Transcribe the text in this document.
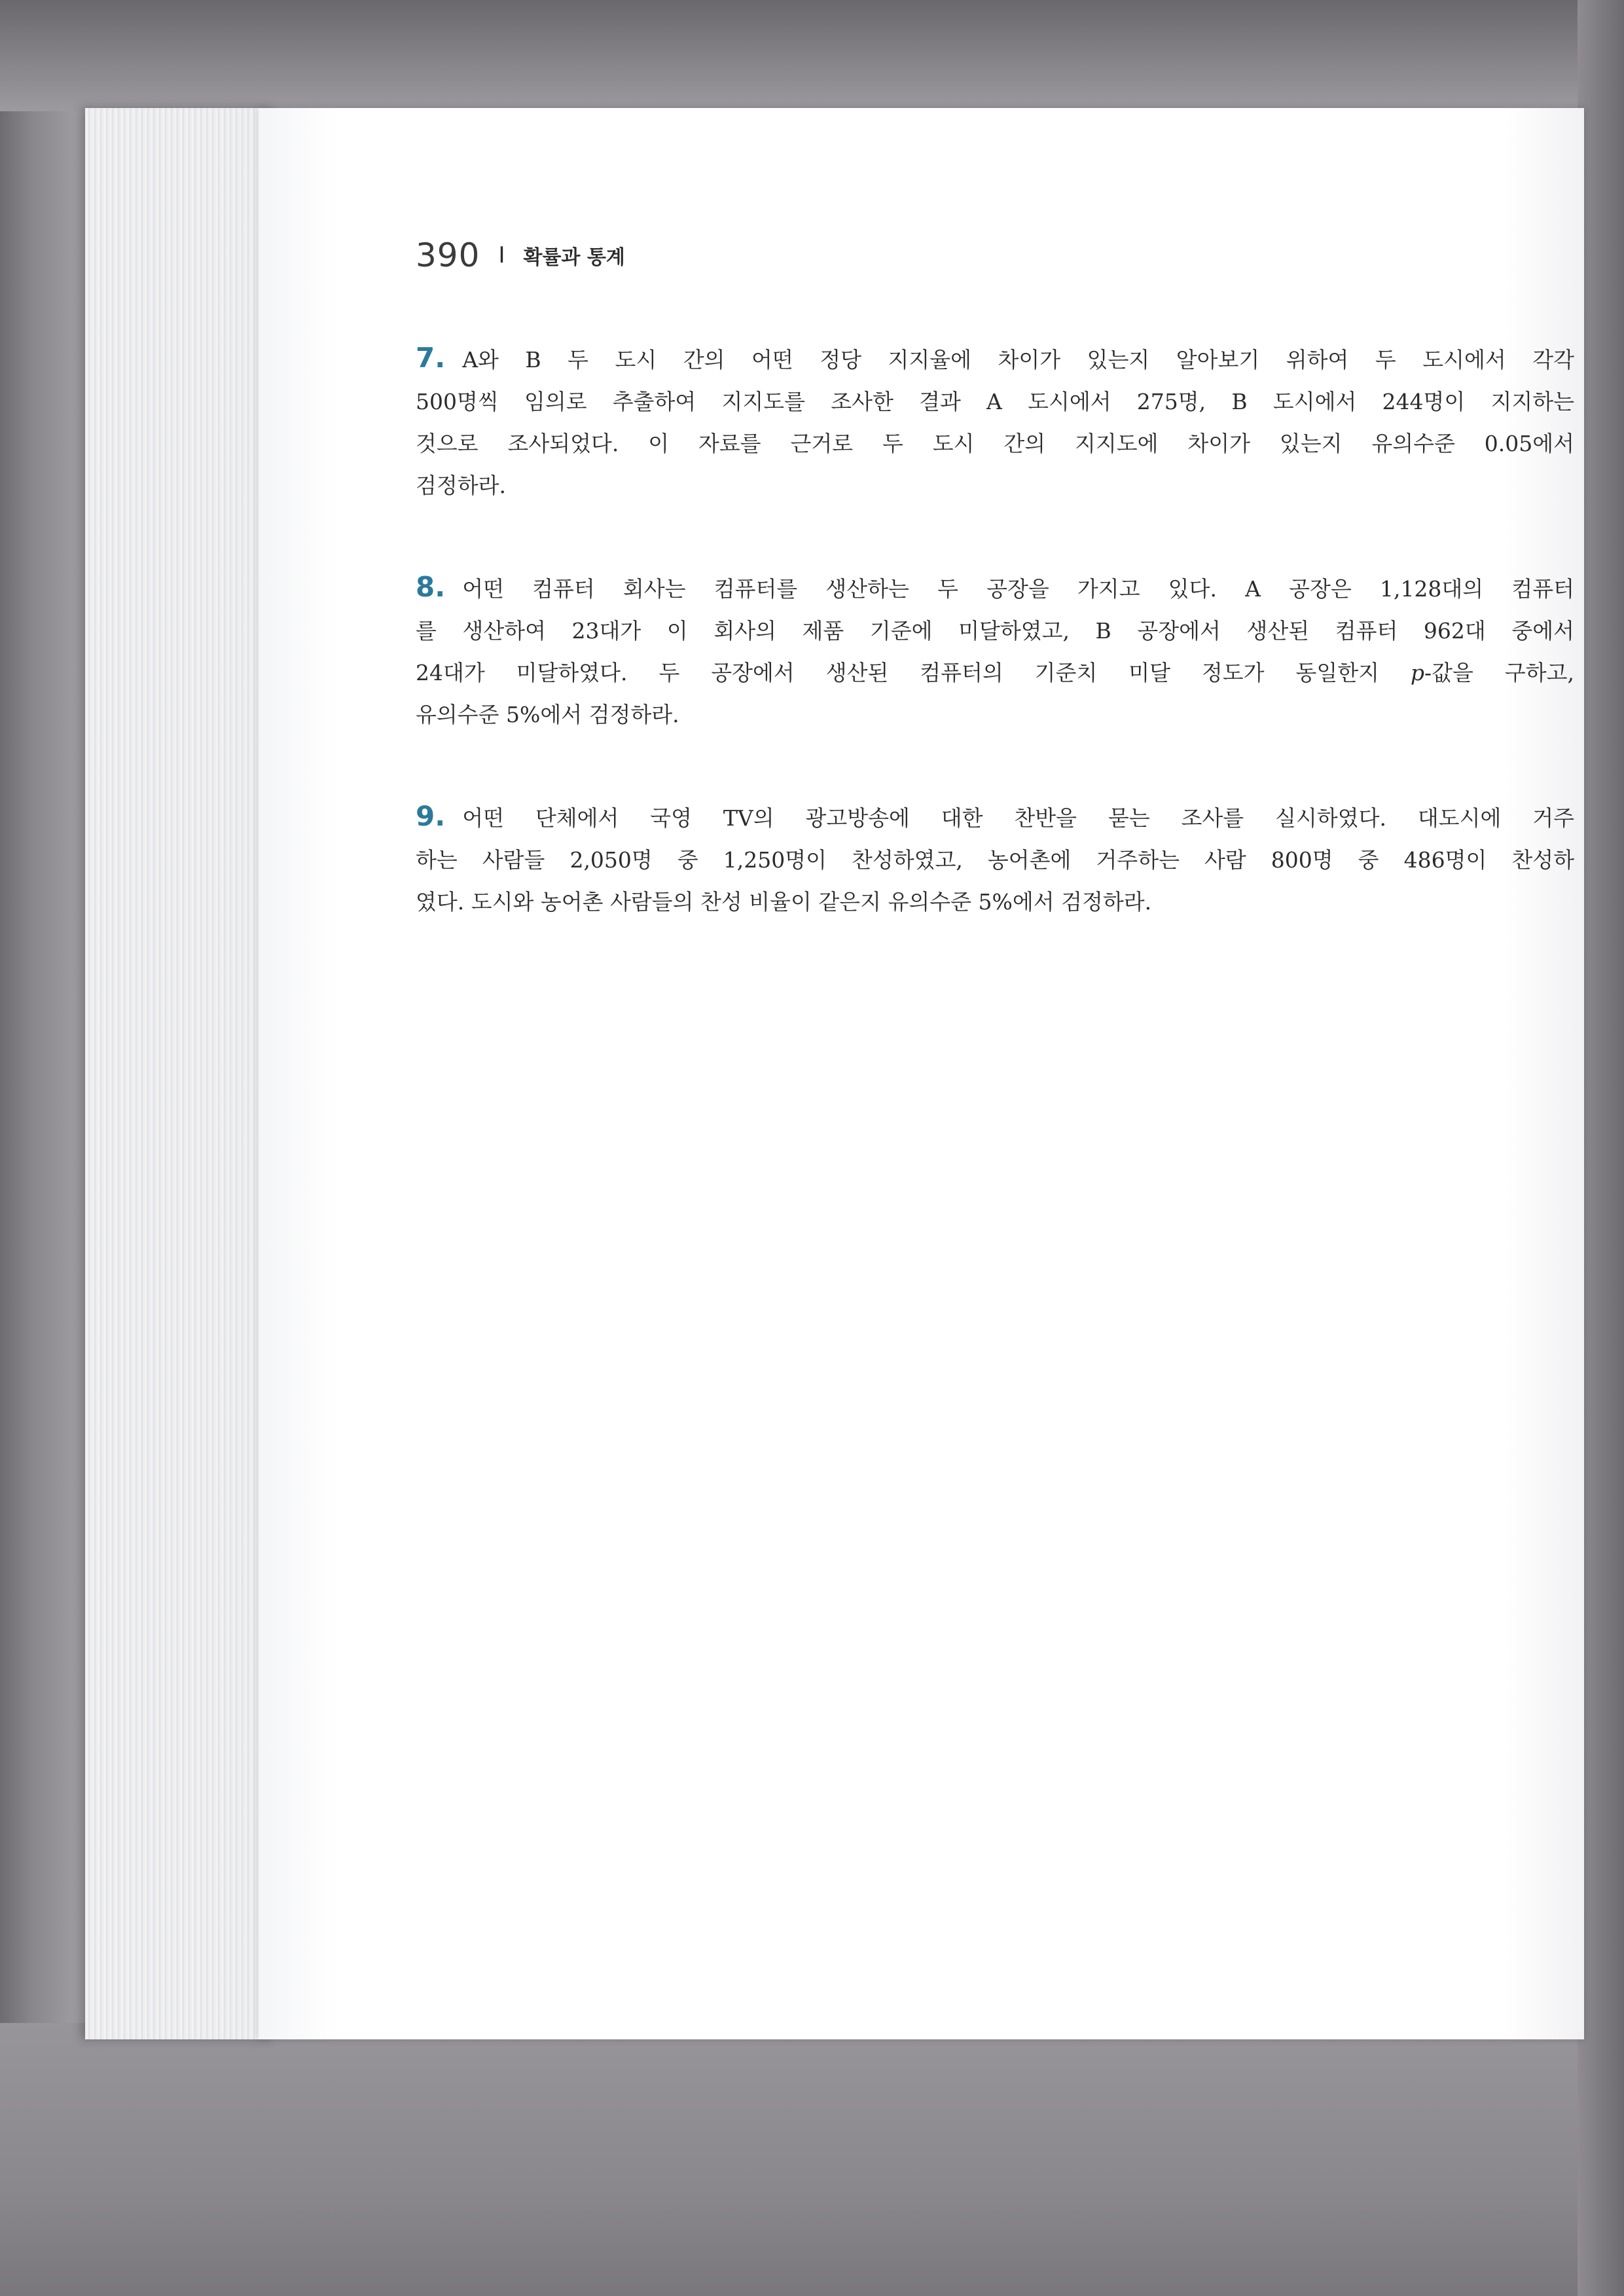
390 I 확률과 통계
7. A와 B 두 도시 간의 어떤 정당 지지율에 차이가 있는지 알아보기 위하여 두 도시에서 각각
500명씩 임의로 추출하여 지지도를 조사한 결과 A 도시에서 275명, B 도시에서 244명이 지지하는
것으로 조사되었다. 이 자료를 근거로 두 도시 간의 지지도에 차이가 있는지 유의수준 0.05에서
검정하라.
8. 어떤 컴퓨터 회사는 컴퓨터를 생산하는 두 공장을 가지고 있다. A 공장은 1,128대의 컴퓨터
를 생산하여 23대가 이 회사의 제품 기준에 미달하였고, B 공장에서 생산된 컴퓨터 962대 중에서
24대가 미달하였다. 두 공장에서 생산된 컴퓨터의 기준치 미달 정도가 동일한지 p-값을 구하고,
유의수준 5%에서 검정하라.
9. 어떤 단체에서 국영 TV의 광고방송에 대한 찬반을 묻는 조사를 실시하였다. 대도시에 거주
하는 사람들 2,050명 중 1,250명이 찬성하였고, 농어촌에 거주하는 사람 800명 중 486명이 찬성하
였다. 도시와 농어촌 사람들의 찬성 비율이 같은지 유의수준 5%에서 검정하라.
